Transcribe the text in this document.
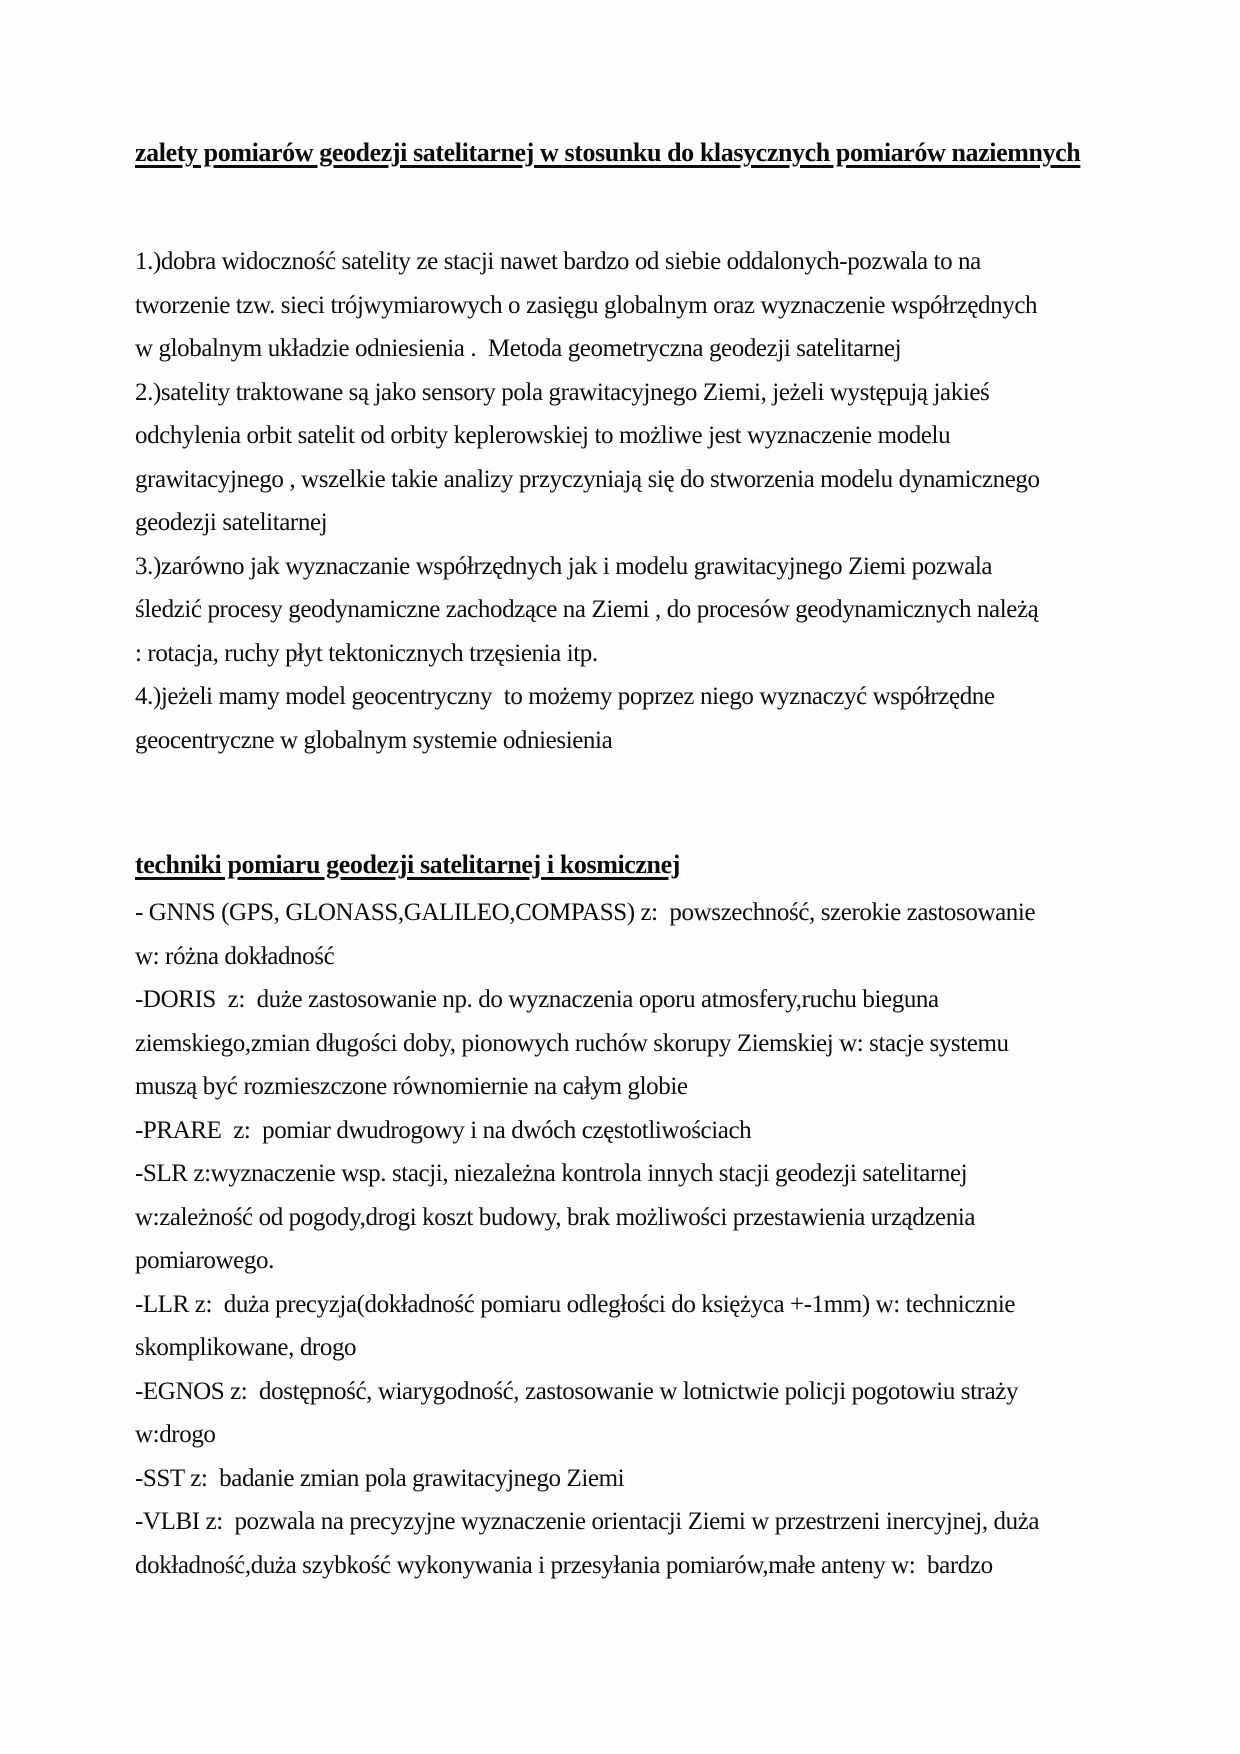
zalety pomiarów geodezji satelitarnej w stosunku do klasycznych pomiarów naziemnych
1.)dobra widoczność satelity ze stacji nawet bardzo od siebie oddalonych-pozwala to na
tworzenie tzw. sieci trójwymiarowych o zasięgu globalnym oraz wyznaczenie współrzędnych
w globalnym układzie odniesienia .  Metoda geometryczna geodezji satelitarnej
2.)satelity traktowane są jako sensory pola grawitacyjnego Ziemi, jeżeli występują jakieś
odchylenia orbit satelit od orbity keplerowskiej to możliwe jest wyznaczenie modelu
grawitacyjnego , wszelkie takie analizy przyczyniają się do stworzenia modelu dynamicznego
geodezji satelitarnej
3.)zarówno jak wyznaczanie współrzędnych jak i modelu grawitacyjnego Ziemi pozwala
śledzić procesy geodynamiczne zachodzące na Ziemi , do procesów geodynamicznych należą
: rotacja, ruchy płyt tektonicznych trzęsienia itp.
4.)jeżeli mamy model geocentryczny  to możemy poprzez niego wyznaczyć współrzędne
geocentryczne w globalnym systemie odniesienia
techniki pomiaru geodezji satelitarnej i kosmicznej
- GNNS (GPS, GLONASS,GALILEO,COMPASS) z:  powszechność, szerokie zastosowanie
w: różna dokładność
-DORIS  z:  duże zastosowanie np. do wyznaczenia oporu atmosfery,ruchu bieguna
ziemskiego,zmian długości doby, pionowych ruchów skorupy Ziemskiej w: stacje systemu
muszą być rozmieszczone równomiernie na całym globie
-PRARE  z:  pomiar dwudrogowy i na dwóch częstotliwościach
-SLR z:wyznaczenie wsp. stacji, niezależna kontrola innych stacji geodezji satelitarnej
w:zależność od pogody,drogi koszt budowy, brak możliwości przestawienia urządzenia
pomiarowego.
-LLR z:  duża precyzja(dokładność pomiaru odległości do księżyca +-1mm) w: technicznie
skomplikowane, drogo
-EGNOS z:  dostępność, wiarygodność, zastosowanie w lotnictwie policji pogotowiu straży
w:drogo
-SST z:  badanie zmian pola grawitacyjnego Ziemi
-VLBI z:  pozwala na precyzyjne wyznaczenie orientacji Ziemi w przestrzeni inercyjnej, duża
dokładność,duża szybkość wykonywania i przesyłania pomiarów,małe anteny w:  bardzo
